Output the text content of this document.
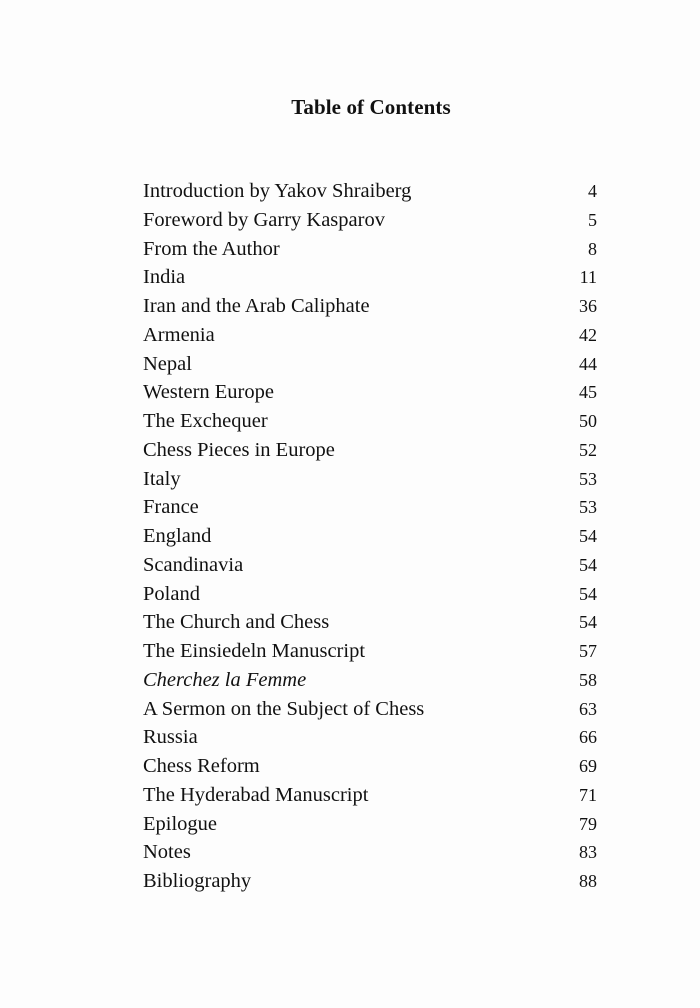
Table of Contents
Introduction by Yakov Shraiberg	4
Foreword by Garry Kasparov	5
From the Author	8
India	11
Iran and the Arab Caliphate	36
Armenia	42
Nepal	44
Western Europe	45
The Exchequer	50
Chess Pieces in Europe	52
Italy	53
France	53
England	54
Scandinavia	54
Poland	54
The Church and Chess	54
The Einsiedeln Manuscript	57
Cherchez la Femme	58
A Sermon on the Subject of Chess	63
Russia	66
Chess Reform	69
The Hyderabad Manuscript	71
Epilogue	79
Notes	83
Bibliography	88
